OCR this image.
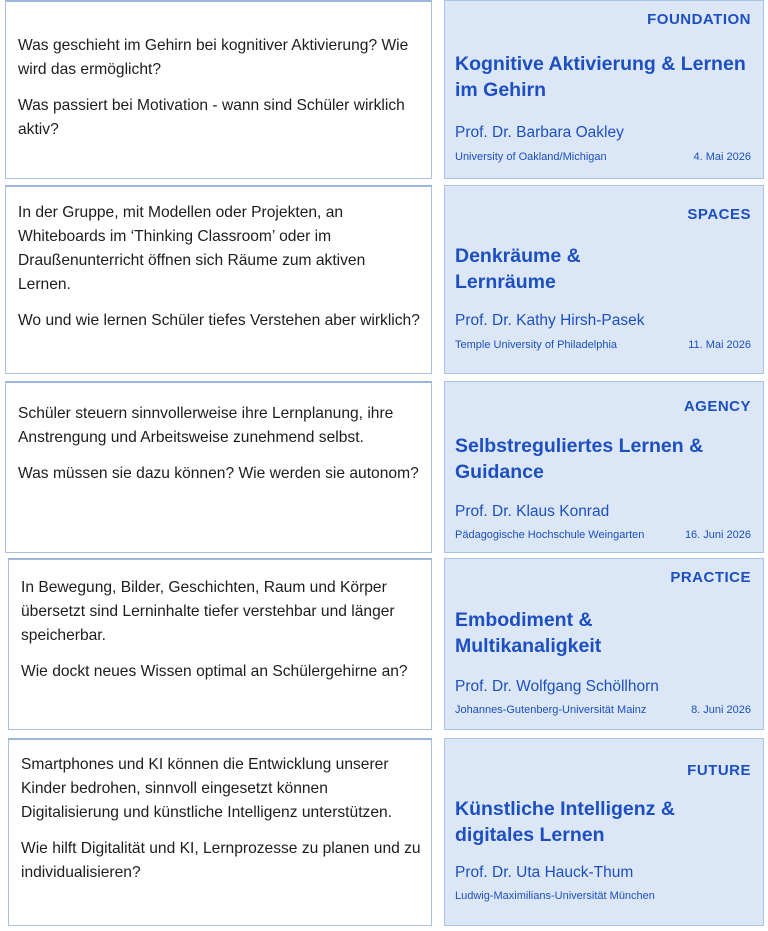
Was geschieht im Gehirn bei kognitiver Aktivierung? Wie wird das ermöglicht?

Was passiert bei Motivation - wann sind Schüler wirklich aktiv?

FOUNDATION
Kognitive Aktivierung & Lernen im Gehirn
Prof. Dr. Barbara Oakley
University of Oakland/Michigan	4. Mai 2026

In der Gruppe, mit Modellen oder Projekten, an Whiteboards im ‘Thinking Classroom’ oder im Draußenunterricht öffnen sich Räume zum aktiven Lernen.

Wo und wie lernen Schüler tiefes Verstehen aber wirklich?

SPACES
Denkräume & Lernräume
Prof. Dr. Kathy Hirsh-Pasek
Temple University of Philadelphia	11. Mai 2026

Schüler steuern sinnvollerweise ihre Lernplanung, ihre Anstrengung und Arbeitsweise zunehmend selbst.

Was müssen sie dazu können? Wie werden sie autonom?

AGENCY
Selbstreguliertes Lernen & Guidance
Prof. Dr. Klaus Konrad
Pädagogische Hochschule Weingarten	16. Juni 2026

In Bewegung, Bilder, Geschichten, Raum und Körper übersetzt sind Lerninhalte tiefer verstehbar und länger speicherbar.

Wie dockt neues Wissen optimal an Schülergehirne an?

PRACTICE
Embodiment & Multikanaligkeit
Prof. Dr. Wolfgang Schöllhorn
Johannes-Gutenberg-Universität Mainz	8. Juni 2026

Smartphones und KI können die Entwicklung unserer Kinder bedrohen, sinnvoll eingesetzt können Digitalisierung und künstliche Intelligenz unterstützen.

Wie hilft Digitalität und KI, Lernprozesse zu planen und zu individualisieren?

FUTURE
Künstliche Intelligenz & digitales Lernen
Prof. Dr. Uta Hauck-Thum
Ludwig-Maximilians-Universität München
